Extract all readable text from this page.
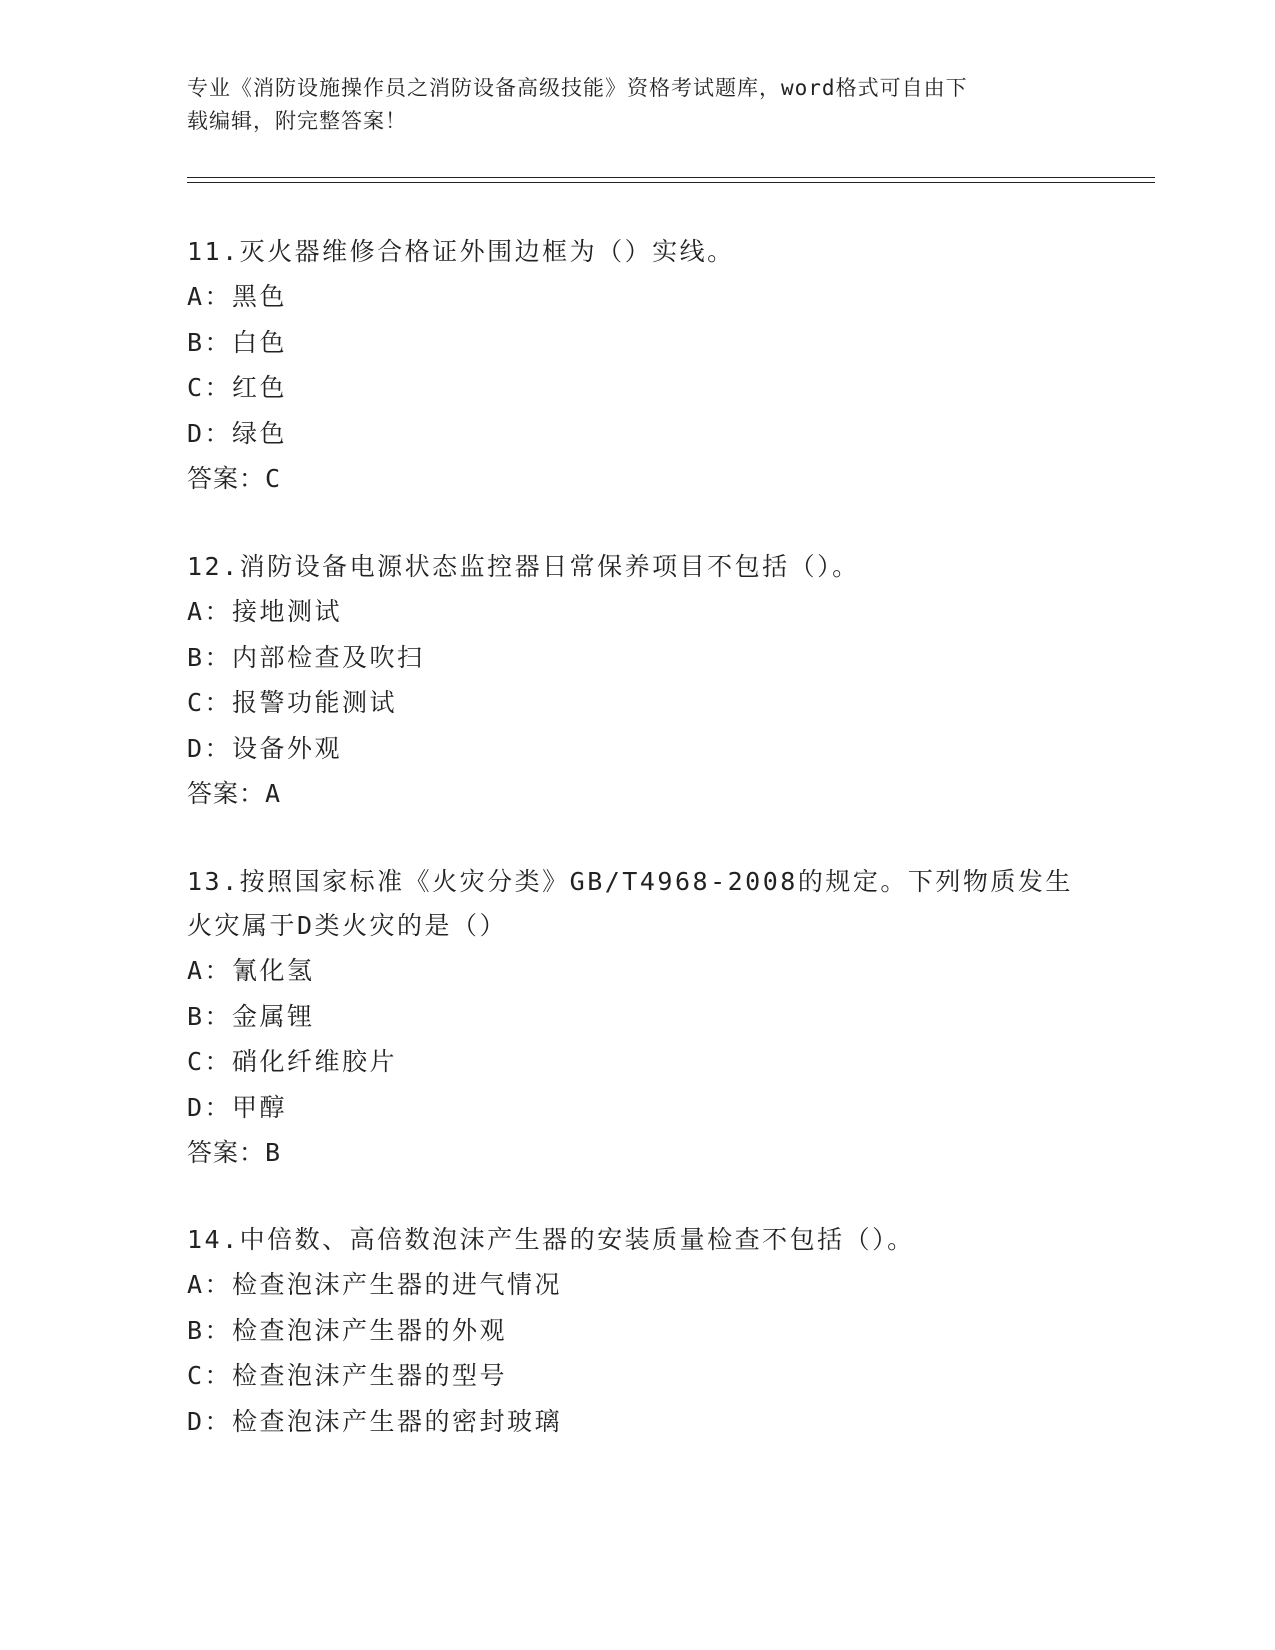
专业《消防设施操作员之消防设备高级技能》资格考试题库，word格式可自由下
载编辑，附完整答案！

11.灭火器维修合格证外围边框为（）实线。

A：黑色

B：白色

C：红色

D：绿色

答案：C

12.消防设备电源状态监控器日常保养项目不包括（）。

A：接地测试

B：内部检查及吹扫

C：报警功能测试

D：设备外观

答案：A

13.按照国家标准《火灾分类》GB/T4968-2008的规定。下列物质发生

火灾属于D类火灾的是（）

A：氰化氢

B：金属锂

C：硝化纤维胶片

D：甲醇

答案：B

14.中倍数、高倍数泡沫产生器的安装质量检查不包括（）。

A：检查泡沫产生器的进气情况

B：检查泡沫产生器的外观

C：检查泡沫产生器的型号

D：检查泡沫产生器的密封玻璃
